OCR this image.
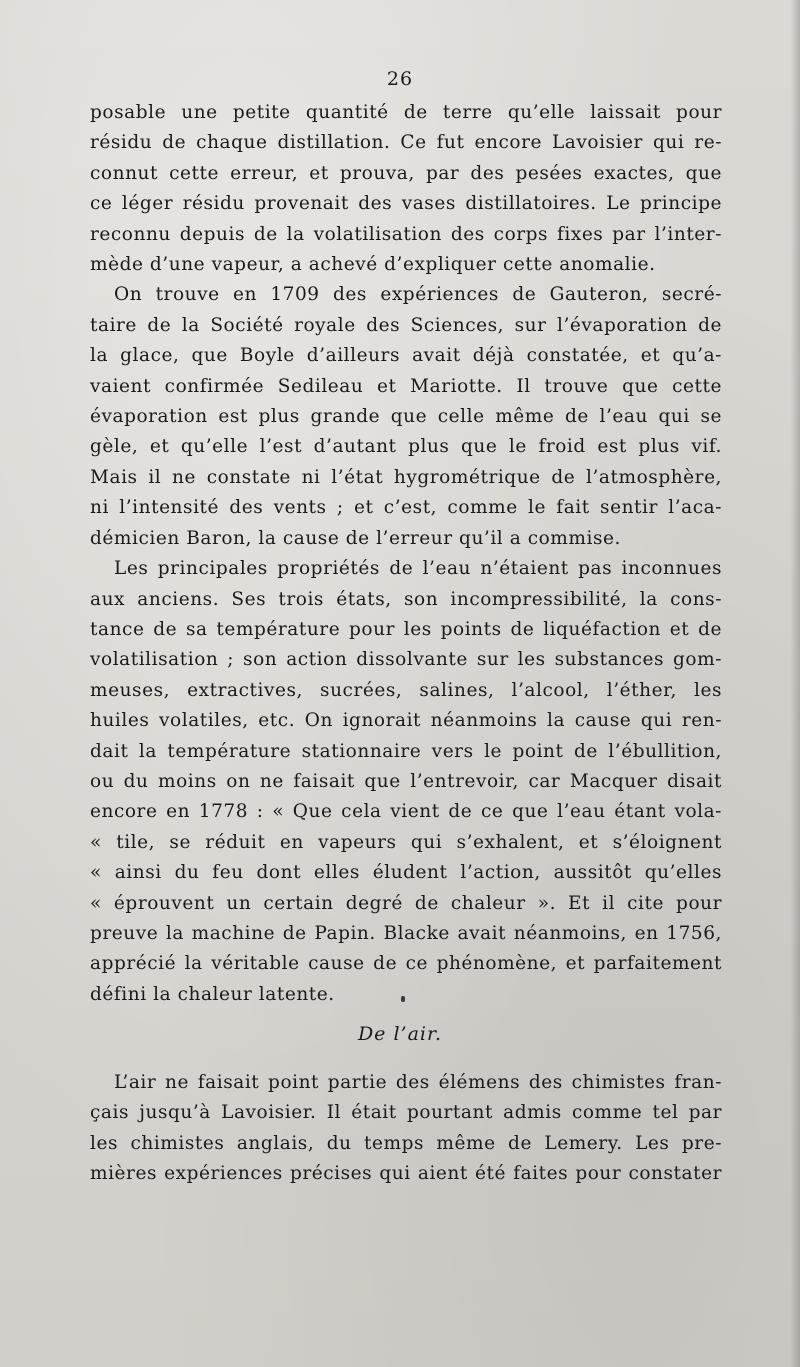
26
posable une petite quantité de terre qu’elle laissait pour
résidu de chaque distillation. Ce fut encore Lavoisier qui re-
connut cette erreur, et prouva, par des pesées exactes, que
ce léger résidu provenait des vases distillatoires. Le principe
reconnu depuis de la volatilisation des corps fixes par l’inter-
mède d’une vapeur, a achevé d’expliquer cette anomalie.
On trouve en 1709 des expériences de Gauteron, secré-
taire de la Société royale des Sciences, sur l’évaporation de
la glace, que Boyle d’ailleurs avait déjà constatée, et qu’a-
vaient confirmée Sedileau et Mariotte. Il trouve que cette
évaporation est plus grande que celle même de l’eau qui se
gèle, et qu’elle l’est d’autant plus que le froid est plus vif.
Mais il ne constate ni l’état hygrométrique de l’atmosphère,
ni l’intensité des vents ; et c’est, comme le fait sentir l’aca-
démicien Baron, la cause de l’erreur qu’il a commise.
Les principales propriétés de l’eau n’étaient pas inconnues
aux anciens. Ses trois états, son incompressibilité, la cons-
tance de sa température pour les points de liquéfaction et de
volatilisation ; son action dissolvante sur les substances gom-
meuses, extractives, sucrées, salines, l’alcool, l’éther, les
huiles volatiles, etc. On ignorait néanmoins la cause qui ren-
dait la température stationnaire vers le point de l’ébullition,
ou du moins on ne faisait que l’entrevoir, car Macquer disait
encore en 1778 : « Que cela vient de ce que l’eau étant vola-
« tile, se réduit en vapeurs qui s’exhalent, et s’éloignent
« ainsi du feu dont elles éludent l’action, aussitôt qu’elles
« éprouvent un certain degré de chaleur ». Et il cite pour
preuve la machine de Papin. Blacke avait néanmoins, en 1756,
apprécié la véritable cause de ce phénomène, et parfaitement
défini la chaleur latente.
De l’air.
L’air ne faisait point partie des élémens des chimistes fran-
çais jusqu’à Lavoisier. Il était pourtant admis comme tel par
les chimistes anglais, du temps même de Lemery. Les pre-
mières expériences précises qui aient été faites pour constater
